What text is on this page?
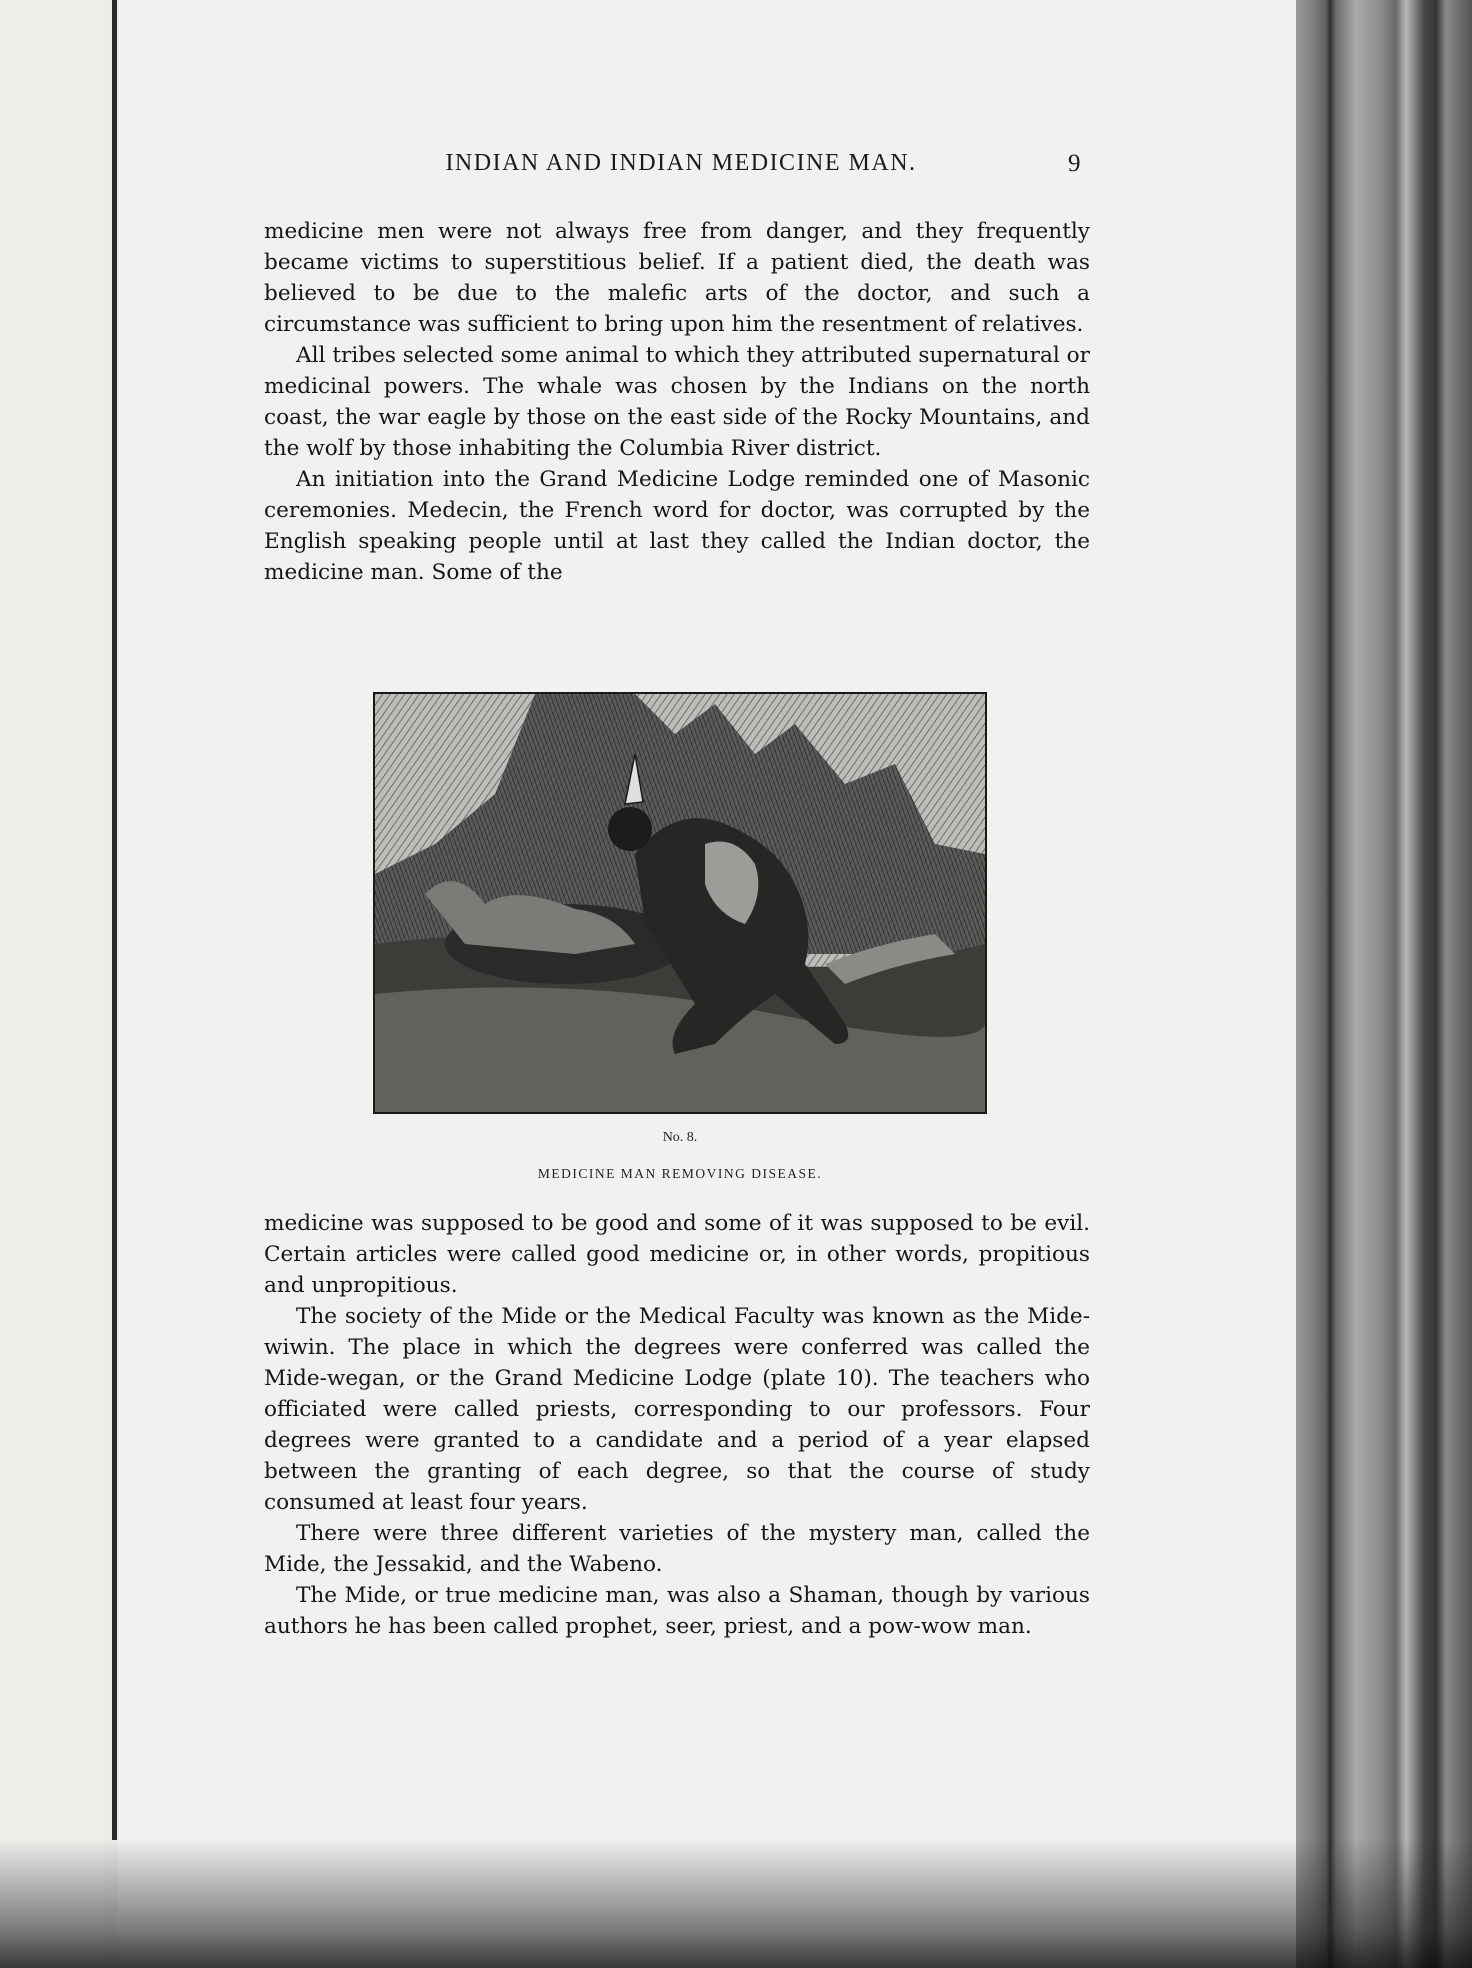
INDIAN AND INDIAN MEDICINE MAN.	9

medicine men were not always free from danger, and they frequently became victims to superstitious belief. If a patient died, the death was believed to be due to the malefic arts of the doctor, and such a circumstance was sufficient to bring upon him the resentment of relatives.

All tribes selected some animal to which they attributed supernatural or medicinal powers. The whale was chosen by the Indians on the north coast, the war eagle by those on the east side of the Rocky Mountains, and the wolf by those inhabiting the Columbia River district.

An initiation into the Grand Medicine Lodge reminded one of Masonic ceremonies. Medecin, the French word for doctor, was corrupted by the English speaking people until at last they called the Indian doctor, the medicine man. Some of the

No. 8.
MEDICINE MAN REMOVING DISEASE.

medicine was supposed to be good and some of it was supposed to be evil. Certain articles were called good medicine or, in other words, propitious and unpropitious.

The society of the Mide or the Medical Faculty was known as the Mide-wiwin. The place in which the degrees were conferred was called the Mide-wegan, or the Grand Medicine Lodge (plate 10). The teachers who officiated were called priests, corresponding to our professors. Four degrees were granted to a candidate and a period of a year elapsed between the granting of each degree, so that the course of study consumed at least four years.

There were three different varieties of the mystery man, called the Mide, the Jessakid, and the Wabeno.

The Mide, or true medicine man, was also a Shaman, though by various authors he has been called prophet, seer, priest, and a pow-wow man.
